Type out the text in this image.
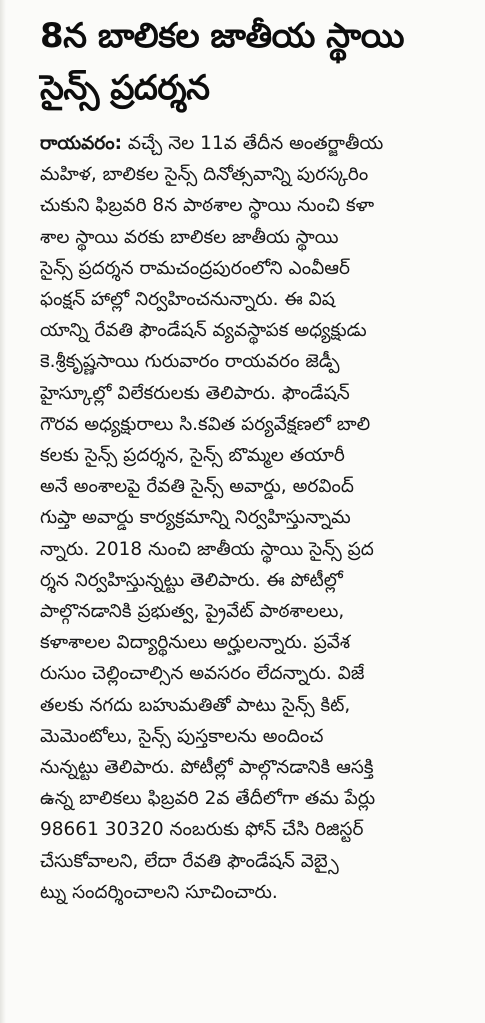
8న బాలికల జాతీయ స్థాయి
సైన్స్ ప్రదర్శన
రాయవరం: వచ్చే నెల 11వ తేదీన అంతర్జాతీయ
మహిళ, బాలికల సైన్స్ దినోత్సవాన్ని పురస్కరిం
చుకుని ఫిబ్రవరి 8న పాఠశాల స్థాయి నుంచి కళా
శాల స్థాయి వరకు బాలికల జాతీయ స్థాయి
సైన్స్ ప్రదర్శన రామచంద్రపురంలోని ఎంవీఆర్
ఫంక్షన్ హాల్లో నిర్వహించనున్నారు. ఈ విష
యాన్ని రేవతి ఫౌండేషన్ వ్యవస్థాపక అధ్యక్షుడు
కె.శ్రీకృష్ణసాయి గురువారం రాయవరం జెడ్పీ
హైస్కూల్లో విలేకరులకు తెలిపారు. ఫౌండేషన్
గౌరవ అధ్యక్షురాలు సి.కవిత పర్యవేక్షణలో బాలి
కలకు సైన్స్ ప్రదర్శన, సైన్స్ బొమ్మల తయారీ
అనే అంశాలపై రేవతి సైన్స్ అవార్డు, అరవింద్
గుప్తా అవార్డు కార్యక్రమాన్ని నిర్వహిస్తున్నామ
న్నారు. 2018 నుంచి జాతీయ స్థాయి సైన్స్ ప్రద
ర్శన నిర్వహిస్తున్నట్టు తెలిపారు. ఈ పోటీల్లో
పాల్గొనడానికి ప్రభుత్వ, ప్రైవేట్ పాఠశాలలు,
కళాశాలల విద్యార్థినులు అర్హులన్నారు. ప్రవేశ
రుసుం చెల్లించాల్సిన అవసరం లేదన్నారు. విజే
తలకు నగదు బహుమతితో పాటు సైన్స్ కిట్,
మెమెంటోలు, సైన్స్ పుస్తకాలను అందించ
నున్నట్టు తెలిపారు. పోటీల్లో పాల్గొనడానికి ఆసక్తి
ఉన్న బాలికలు ఫిబ్రవరి 2వ తేదీలోగా తమ పేర్లు
98661 30320 నంబరుకు ఫోన్ చేసి రిజిస్టర్
చేసుకోవాలని, లేదా రేవతి ఫౌండేషన్ వెబ్సై
ట్ను సందర్శించాలని సూచించారు.
